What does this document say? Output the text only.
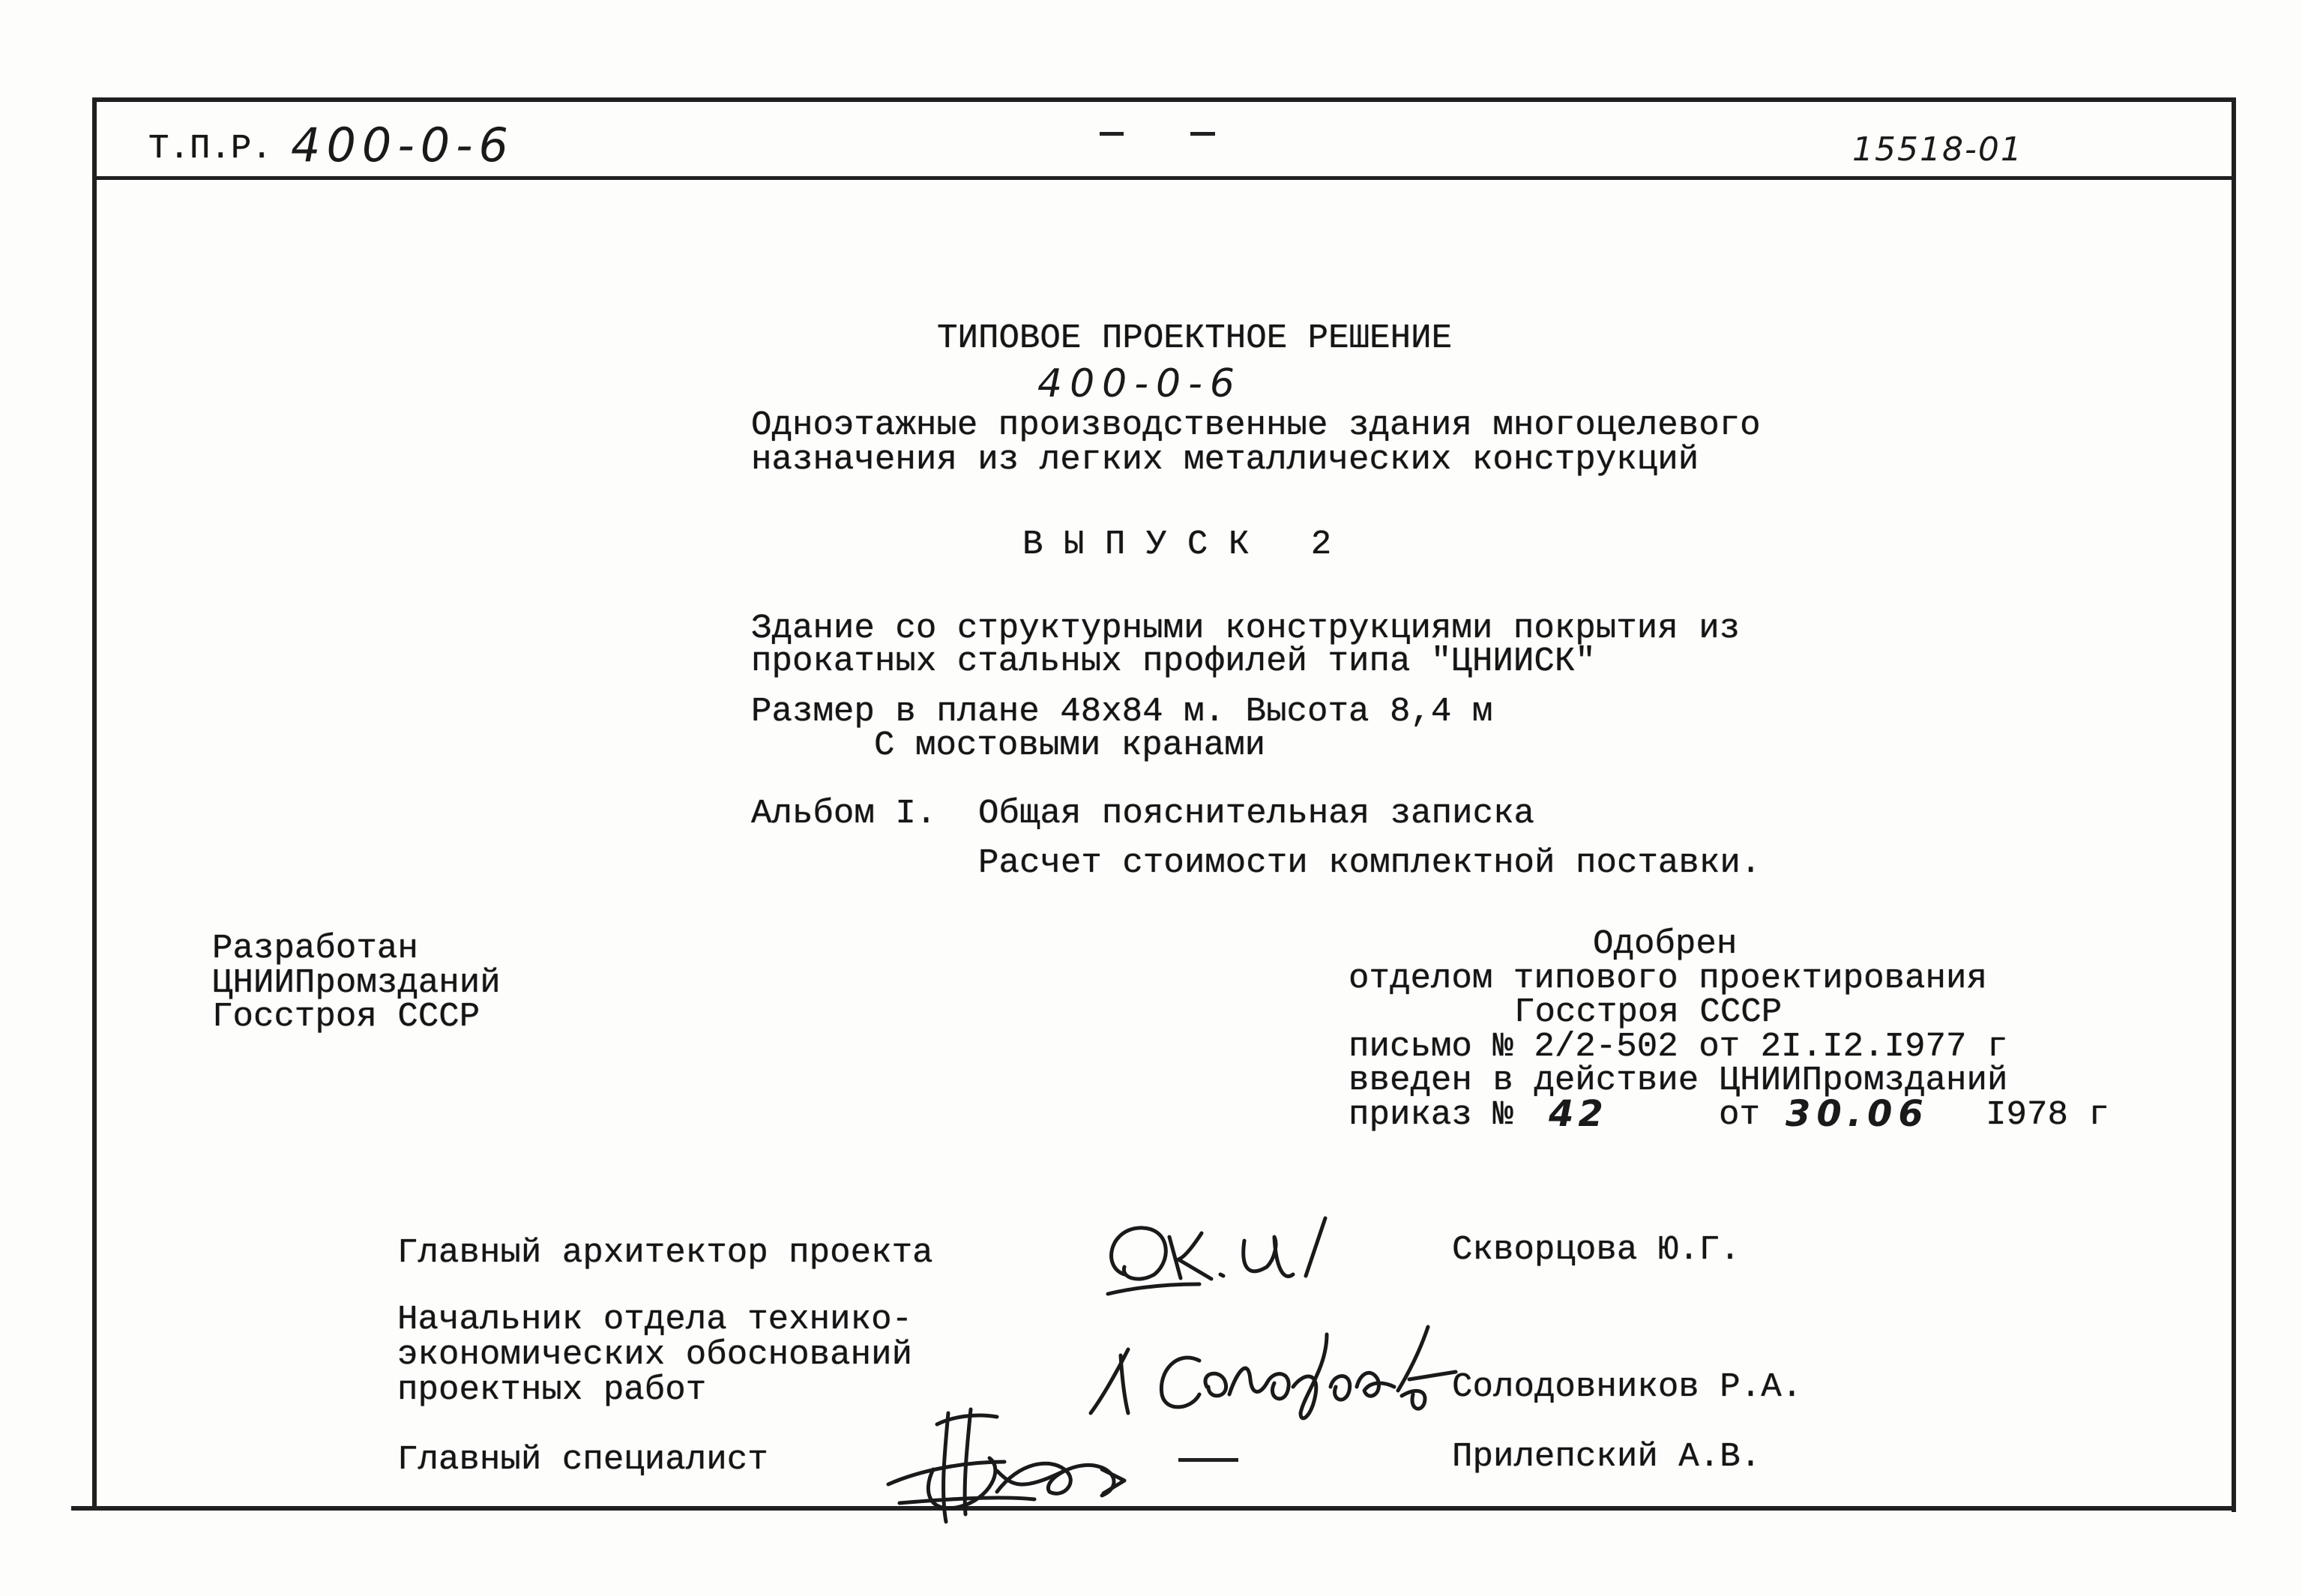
Т.П.Р. 400-0-6	15518-01
ТИПОВОЕ ПРОЕКТНОЕ РЕШЕНИЕ
400-0-6
Одноэтажные производственные здания многоцелевого
назначения из легких металлических конструкций
В Ы П У С К   2
Здание со структурными конструкциями покрытия из
прокатных стальных профилей типа "ЦНИИСК"
Размер в плане 48х84 м. Высота 8,4 м
С мостовыми кранами
Альбом I. Общая пояснительная записка
Расчет стоимости комплектной поставки.
Разработан
ЦНИИПромзданий
Госстроя СССР
Одобрен
отделом типового проектирования
Госстроя СССР
письмо № 2/2-502 от 2I.I2.I977 г
введен в действие ЦНИИПромзданий
приказ № 42	от 30.06 I978 г
Главный архитектор проекта	Скворцова Ю.Г.
Начальник отдела технико-
экономических обоснований
проектных работ	Солодовников Р.А.
Главный специалист	Прилепский А.В.
